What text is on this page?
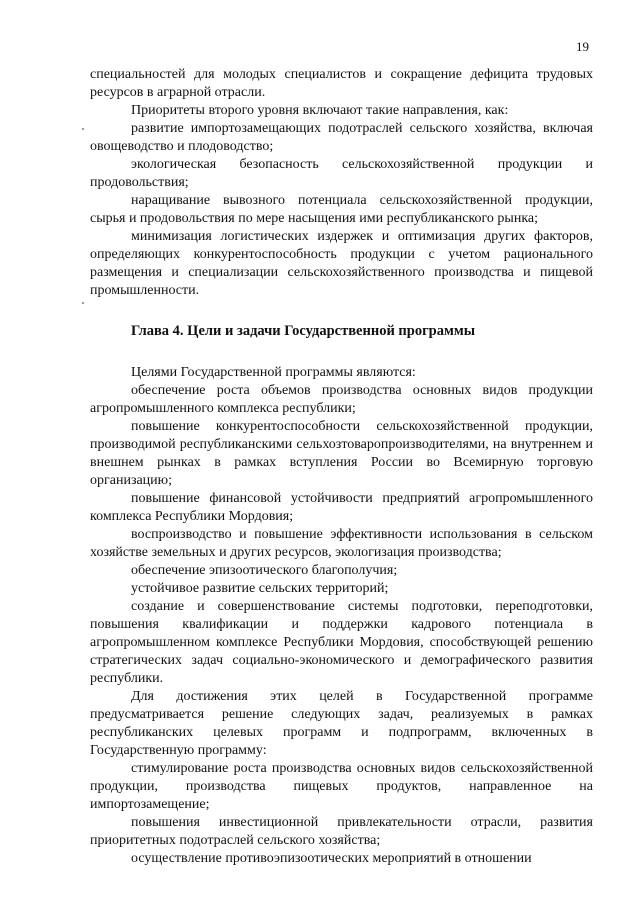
19

специальностей для молодых специалистов и сокращение дефицита трудовых ресурсов в аграрной отрасли.

Приоритеты второго уровня включают такие направления, как:

развитие импортозамещающих подотраслей сельского хозяйства, включая овощеводство и плодоводство;

экологическая безопасность сельскохозяйственной продукции и продовольствия;

наращивание вывозного потенциала сельскохозяйственной продукции, сырья и продовольствия по мере насыщения ими республиканского рынка;

минимизация логистических издержек и оптимизация других факторов, определяющих конкурентоспособность продукции с учетом рационального размещения и специализации сельскохозяйственного производства и пищевой промышленности.

Глава 4. Цели и задачи Государственной программы

Целями Государственной программы являются:

обеспечение роста объемов производства основных видов продукции агропромышленного комплекса республики;

повышение конкурентоспособности сельскохозяйственной продукции, производимой республиканскими сельхозтоваропроизводителями, на внутреннем и внешнем рынках в рамках вступления России во Всемирную торговую организацию;

повышение финансовой устойчивости предприятий агропромышленного комплекса Республики Мордовия;

воспроизводство и повышение эффективности использования в сельском хозяйстве земельных и других ресурсов, экологизация производства;

обеспечение эпизоотического благополучия;

устойчивое развитие сельских территорий;

создание и совершенствование системы подготовки, переподготовки, повышения квалификации и поддержки кадрового потенциала в агропромышленном комплексе Республики Мордовия, способствующей решению стратегических задач социально-экономического и демографического развития республики.

Для достижения этих целей в Государственной программе предусматривается решение следующих задач, реализуемых в рамках республиканских целевых программ и подпрограмм, включенных в Государственную программу:

стимулирование роста производства основных видов сельскохозяйственной продукции, производства пищевых продуктов, направленное на импортозамещение;

повышения инвестиционной привлекательности отрасли, развития приоритетных подотраслей сельского хозяйства;

осуществление противоэпизоотических мероприятий в отношении
